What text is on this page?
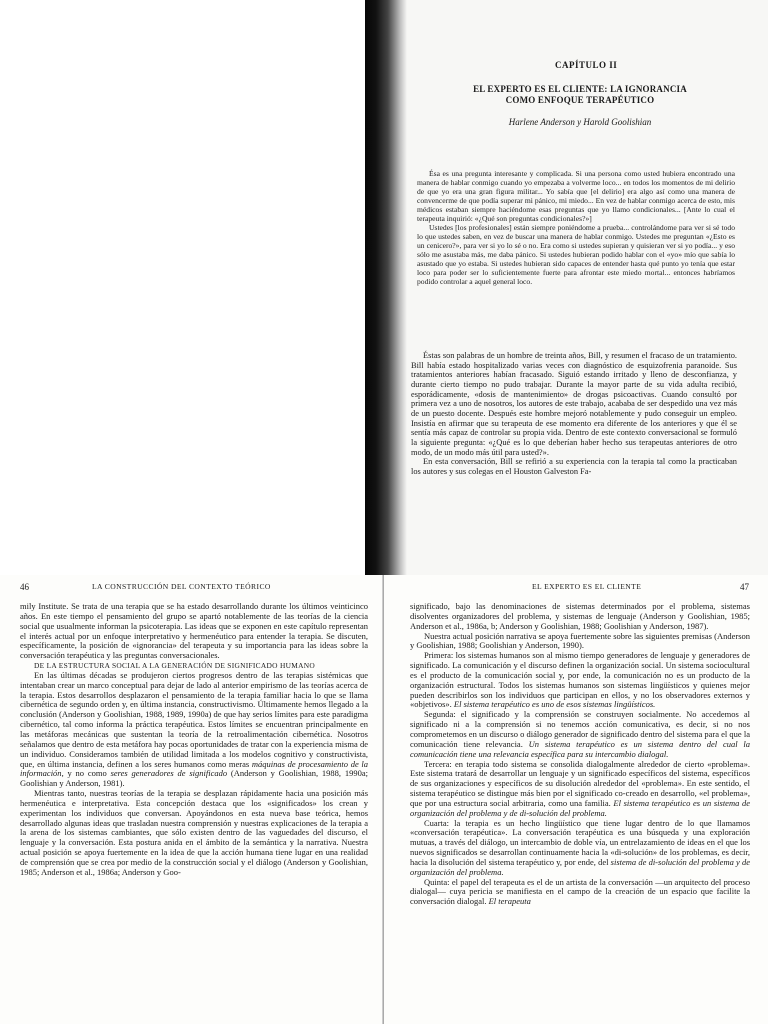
CAPÍTULO II
EL EXPERTO ES EL CLIENTE: LA IGNORANCIA
COMO ENFOQUE TERAPÉUTICO
Harlene Anderson y Harold Goolishian

Ésa es una pregunta interesante y complicada. Si una persona como usted hubiera encontrado una manera de hablar conmigo cuando yo empezaba a volverme loco... en todos los momentos de mi delirio de que yo era una gran figura militar... Yo sabía que [el delirio] era algo así como una manera de convencerme de que podía superar mi pánico, mi miedo... En vez de hablar conmigo acerca de esto, mis médicos estaban siempre haciéndome esas preguntas que yo llamo condicionales... [Ante lo cual el terapeuta inquirió: «¿Qué son preguntas condicionales?»]

Ustedes [los profesionales] están siempre poniéndome a prueba... controlándome para ver si sé todo lo que ustedes saben, en vez de buscar una manera de hablar conmigo. Ustedes me preguntan «¿Esto es un cenicero?», para ver si yo lo sé o no. Era como si ustedes supieran y quisieran ver si yo podía... y eso sólo me asustaba más, me daba pánico. Si ustedes hubieran podido hablar con el «yo» mío que sabía lo asustado que yo estaba. Si ustedes hubieran sido capaces de entender hasta qué punto yo tenía que estar loco para poder ser lo suficientemente fuerte para afrontar este miedo mortal... entonces habríamos podido controlar a aquel general loco.

Éstas son palabras de un hombre de treinta años, Bill, y resumen el fracaso de un tratamiento. Bill había estado hospitalizado varias veces con diagnóstico de esquizofrenia paranoide. Sus tratamientos anteriores habían fracasado. Siguió estando irritado y lleno de desconfianza, y durante cierto tiempo no pudo trabajar. Durante la mayor parte de su vida adulta recibió, esporádicamente, «dosis de mantenimiento» de drogas psicoactivas. Cuando consultó por primera vez a uno de nosotros, los autores de este trabajo, acababa de ser despedido una vez más de un puesto docente. Después este hombre mejoró notablemente y pudo conseguir un empleo. Insistía en afirmar que su terapeuta de ese momento era diferente de los anteriores y que él se sentía más capaz de controlar su propia vida. Dentro de este contexto conversacional se formuló la siguiente pregunta: «¿Qué es lo que deberían haber hecho sus terapeutas anteriores de otro modo, de un modo más útil para usted?».

En esta conversación, Bill se refirió a su experiencia con la terapia tal como la practicaban los autores y sus colegas en el Houston Galveston Fa-

46	LA CONSTRUCCIÓN DEL CONTEXTO TEÓRICO

mily Institute. Se trata de una terapia que se ha estado desarrollando durante los últimos veinticinco años. En este tiempo el pensamiento del grupo se apartó notablemente de las teorías de la ciencia social que usualmente informan la psicoterapia. Las ideas que se exponen en este capítulo representan el interés actual por un enfoque interpretativo y hermenéutico para entender la terapia. Se discuten, específicamente, la posición de «ignorancia» del terapeuta y su importancia para las ideas sobre la conversación terapéutica y las preguntas conversacionales.

DE LA ESTRUCTURA SOCIAL A LA GENERACIÓN DE SIGNIFICADO HUMANO

En las últimas décadas se produjeron ciertos progresos dentro de las terapias sistémicas que intentaban crear un marco conceptual para dejar de lado al anterior empirismo de las teorías acerca de la terapia. Estos desarrollos desplazaron el pensamiento de la terapia familiar hacia lo que se llama cibernética de segundo orden y, en última instancia, constructivismo. Últimamente hemos llegado a la conclusión (Anderson y Goolishian, 1988, 1989, 1990a) de que hay serios límites para este paradigma cibernético, tal como informa la práctica terapéutica. Estos límites se encuentran principalmente en las metáforas mecánicas que sustentan la teoría de la retroalimentación cibernética. Nosotros señalamos que dentro de esta metáfora hay pocas oportunidades de tratar con la experiencia misma de un individuo. Consideramos también de utilidad limitada a los modelos cognitivo y constructivista, que, en última instancia, definen a los seres humanos como meras máquinas de procesamiento de la información, y no como seres generadores de significado (Anderson y Goolishian, 1988, 1990a; Goolishian y Anderson, 1981).

Mientras tanto, nuestras teorías de la terapia se desplazan rápidamente hacia una posición más hermenéutica e interpretativa. Esta concepción destaca que los «significados» los crean y experimentan los individuos que conversan. Apoyándonos en esta nueva base teórica, hemos desarrollado algunas ideas que trasladan nuestra comprensión y nuestras explicaciones de la terapia a la arena de los sistemas cambiantes, que sólo existen dentro de las vaguedades del discurso, el lenguaje y la conversación. Esta postura anida en el ámbito de la semántica y la narrativa. Nuestra actual posición se apoya fuertemente en la idea de que la acción humana tiene lugar en una realidad de comprensión que se crea por medio de la construcción social y el diálogo (Anderson y Goolishian, 1985; Anderson et al., 1986a; Anderson y Goo-

EL EXPERTO ES EL CLIENTE	47

significado, bajo las denominaciones de sistemas determinados por el problema, sistemas disolventes organizadores del problema, y sistemas de lenguaje (Anderson y Goolishian, 1985; Anderson et al., 1986a, b; Anderson y Goolishian, 1988; Goolishian y Anderson, 1987).

Nuestra actual posición narrativa se apoya fuertemente sobre las siguientes premisas (Anderson y Goolishian, 1988; Goolishian y Anderson, 1990).

Primera: los sistemas humanos son al mismo tiempo generadores de lenguaje y generadores de significado. La comunicación y el discurso definen la organización social. Un sistema sociocultural es el producto de la comunicación social y, por ende, la comunicación no es un producto de la organización estructural. Todos los sistemas humanos son sistemas lingüísticos y quienes mejor pueden describirlos son los individuos que participan en ellos, y no los observadores externos y «objetivos». El sistema terapéutico es uno de esos sistemas lingüísticos.

Segunda: el significado y la comprensión se construyen socialmente. No accedemos al significado ni a la comprensión si no tenemos acción comunicativa, es decir, si no nos comprometemos en un discurso o diálogo generador de significado dentro del sistema para el que la comunicación tiene relevancia. Un sistema terapéutico es un sistema dentro del cual la comunicación tiene una relevancia específica para su intercambio dialogal.

Tercera: en terapia todo sistema se consolida dialogalmente alrededor de cierto «problema». Este sistema tratará de desarrollar un lenguaje y un significado específicos del sistema, específicos de sus organizaciones y específicos de su disolución alrededor del «problema». En este sentido, el sistema terapéutico se distingue más bien por el significado co-creado en desarrollo, «el problema», que por una estructura social arbitraria, como una familia. El sistema terapéutico es un sistema de organización del problema y de di-solución del problema.

Cuarta: la terapia es un hecho lingüístico que tiene lugar dentro de lo que llamamos «conversación terapéutica». La conversación terapéutica es una búsqueda y una exploración mutuas, a través del diálogo, un intercambio de doble vía, un entrelazamiento de ideas en el que los nuevos significados se desarrollan continuamente hacia la «di-solución» de los problemas, es decir, hacia la disolución del sistema terapéutico y, por ende, del sistema de di-solución del problema y de organización del problema.

Quinta: el papel del terapeuta es el de un artista de la conversación —un arquitecto del proceso dialogal— cuya pericia se manifiesta en el campo de la creación de un espacio que facilite la conversación dialogal. El terapeuta
